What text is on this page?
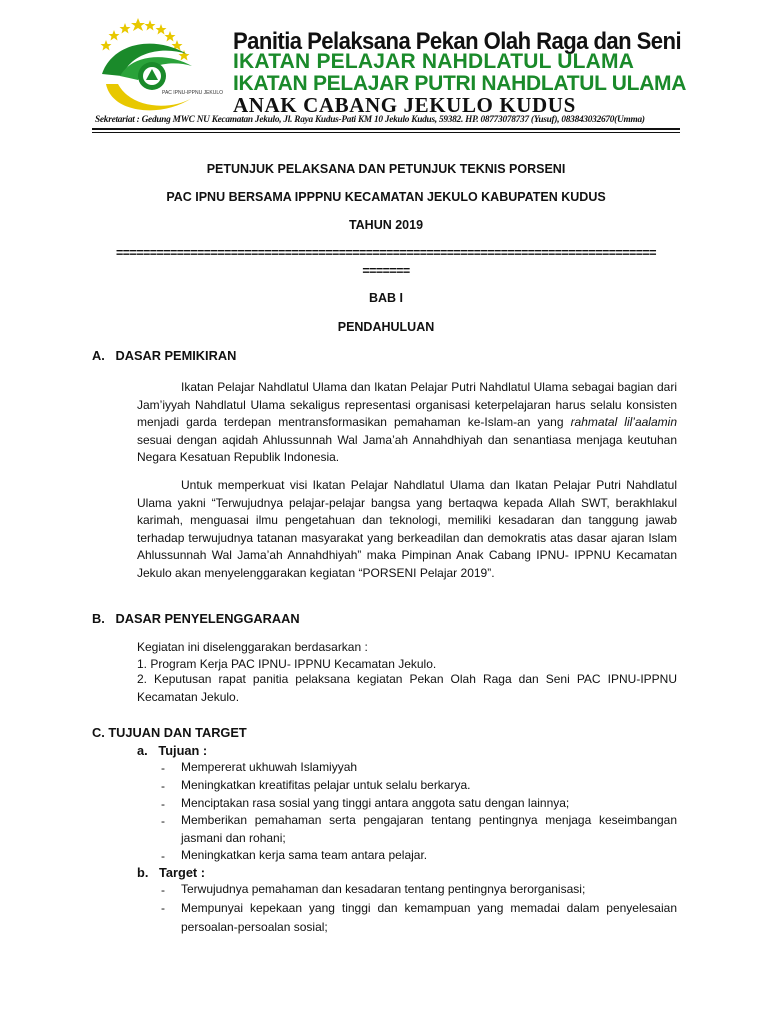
PAC IPNU-IPPNU JEKULO
Panitia Pelaksana Pekan Olah Raga dan Seni
IKATAN PELAJAR NAHDLATUL ULAMA
IKATAN PELAJAR PUTRI NAHDLATUL ULAMA
ANAK CABANG JEKULO KUDUS
Sekretariat : Gedung MWC NU Kecamatan Jekulo, Jl. Raya Kudus-Pati KM 10 Jekulo Kudus, 59382. HP. 08773078737 (Yusuf), 083843032670(Umma)
PETUNJUK PELAKSANA DAN PETUNJUK TEKNIS PORSENI
PAC IPNU BERSAMA IPPPNU KECAMATAN JEKULO KABUPATEN KUDUS
TAHUN 2019
================================================================================
=======
BAB I
PENDAHULUAN
A.   DASAR PEMIKIRAN
Ikatan Pelajar Nahdlatul Ulama dan Ikatan Pelajar Putri Nahdlatul Ulama sebagai bagian dari Jam’iyyah Nahdlatul Ulama sekaligus representasi organisasi keterpelajaran harus selalu konsisten menjadi garda terdepan mentransformasikan pemahaman ke-Islam-an yang rahmatal lil’aalamin sesuai dengan aqidah Ahlussunnah Wal Jama’ah Annahdhiyah dan senantiasa menjaga keutuhan Negara Kesatuan Republik Indonesia.
Untuk memperkuat visi Ikatan Pelajar Nahdlatul Ulama dan Ikatan Pelajar Putri Nahdlatul Ulama yakni “Terwujudnya pelajar-pelajar bangsa yang bertaqwa kepada Allah SWT, berakhlakul karimah, menguasai ilmu pengetahuan dan teknologi, memiliki kesadaran dan tanggung jawab terhadap terwujudnya tatanan masyarakat yang berkeadilan dan demokratis atas dasar ajaran Islam Ahlussunnah Wal Jama’ah Annahdhiyah” maka Pimpinan Anak Cabang IPNU- IPPNU Kecamatan Jekulo akan menyelenggarakan kegiatan “PORSENI Pelajar 2019”.
B.   DASAR PENYELENGGARAAN
Kegiatan ini diselenggarakan berdasarkan :
1. Program Kerja PAC IPNU- IPPNU Kecamatan Jekulo.
2. Keputusan rapat panitia pelaksana kegiatan Pekan Olah Raga dan Seni PAC IPNU-IPPNU Kecamatan Jekulo.
C. TUJUAN DAN TARGET
a.   Tujuan :
- Mempererat ukhuwah Islamiyyah
- Meningkatkan kreatifitas pelajar untuk selalu berkarya.
- Menciptakan rasa sosial yang tinggi antara anggota satu dengan lainnya;
- Memberikan pemahaman serta pengajaran tentang pentingnya menjaga keseimbangan jasmani dan rohani;
- Meningkatkan kerja sama team antara pelajar.
b.   Target :
- Terwujudnya pemahaman dan kesadaran tentang pentingnya berorganisasi;
- Mempunyai kepekaan yang tinggi dan kemampuan yang memadai dalam penyelesaian persoalan-persoalan sosial;
